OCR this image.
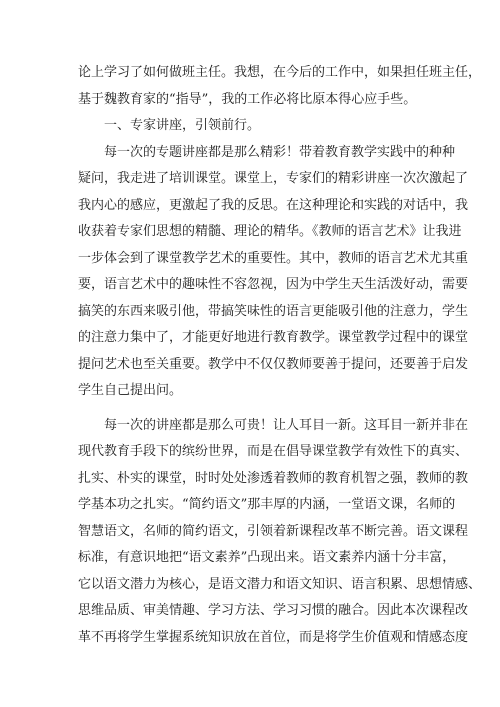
论上学习了如何做班主任。我想，在今后的工作中，如果担任班主任，
基于魏教育家的“指导”，我的工作必将比原本得心应手些。
一、专家讲座，引领前行。
每一次的专题讲座都是那么精彩！带着教育教学实践中的种种
疑问，我走进了培训课堂。课堂上，专家们的精彩讲座一次次激起了
我内心的感应，更激起了我的反思。在这种理论和实践的对话中，我
收获着专家们思想的精髓、理论的精华。《教师的语言艺术》让我进
一步体会到了课堂教学艺术的重要性。其中，教师的语言艺术尤其重
要，语言艺术中的趣味性不容忽视，因为中学生天生活泼好动，需要
搞笑的东西来吸引他，带搞笑味性的语言更能吸引他的注意力，学生
的注意力集中了，才能更好地进行教育教学。课堂教学过程中的课堂
提问艺术也至关重要。教学中不仅仅教师要善于提问，还要善于启发
学生自己提出问。
每一次的讲座都是那么可贵！让人耳目一新。这耳目一新并非在
现代教育手段下的缤纷世界，而是在倡导课堂教学有效性下的真实、
扎实、朴实的课堂，时时处处渗透着教师的教育机智之强，教师的教
学基本功之扎实。“简约语文”那丰厚的内涵，一堂语文课，名师的
智慧语文，名师的简约语文，引领着新课程改革不断完善。语文课程
标准，有意识地把“语文素养”凸现出来。语文素养内涵十分丰富，
它以语文潜力为核心，是语文潜力和语文知识、语言积累、思想情感、
思维品质、审美情趣、学习方法、学习习惯的融合。因此本次课程改
革不再将学生掌握系统知识放在首位，而是将学生价值观和情感态度
